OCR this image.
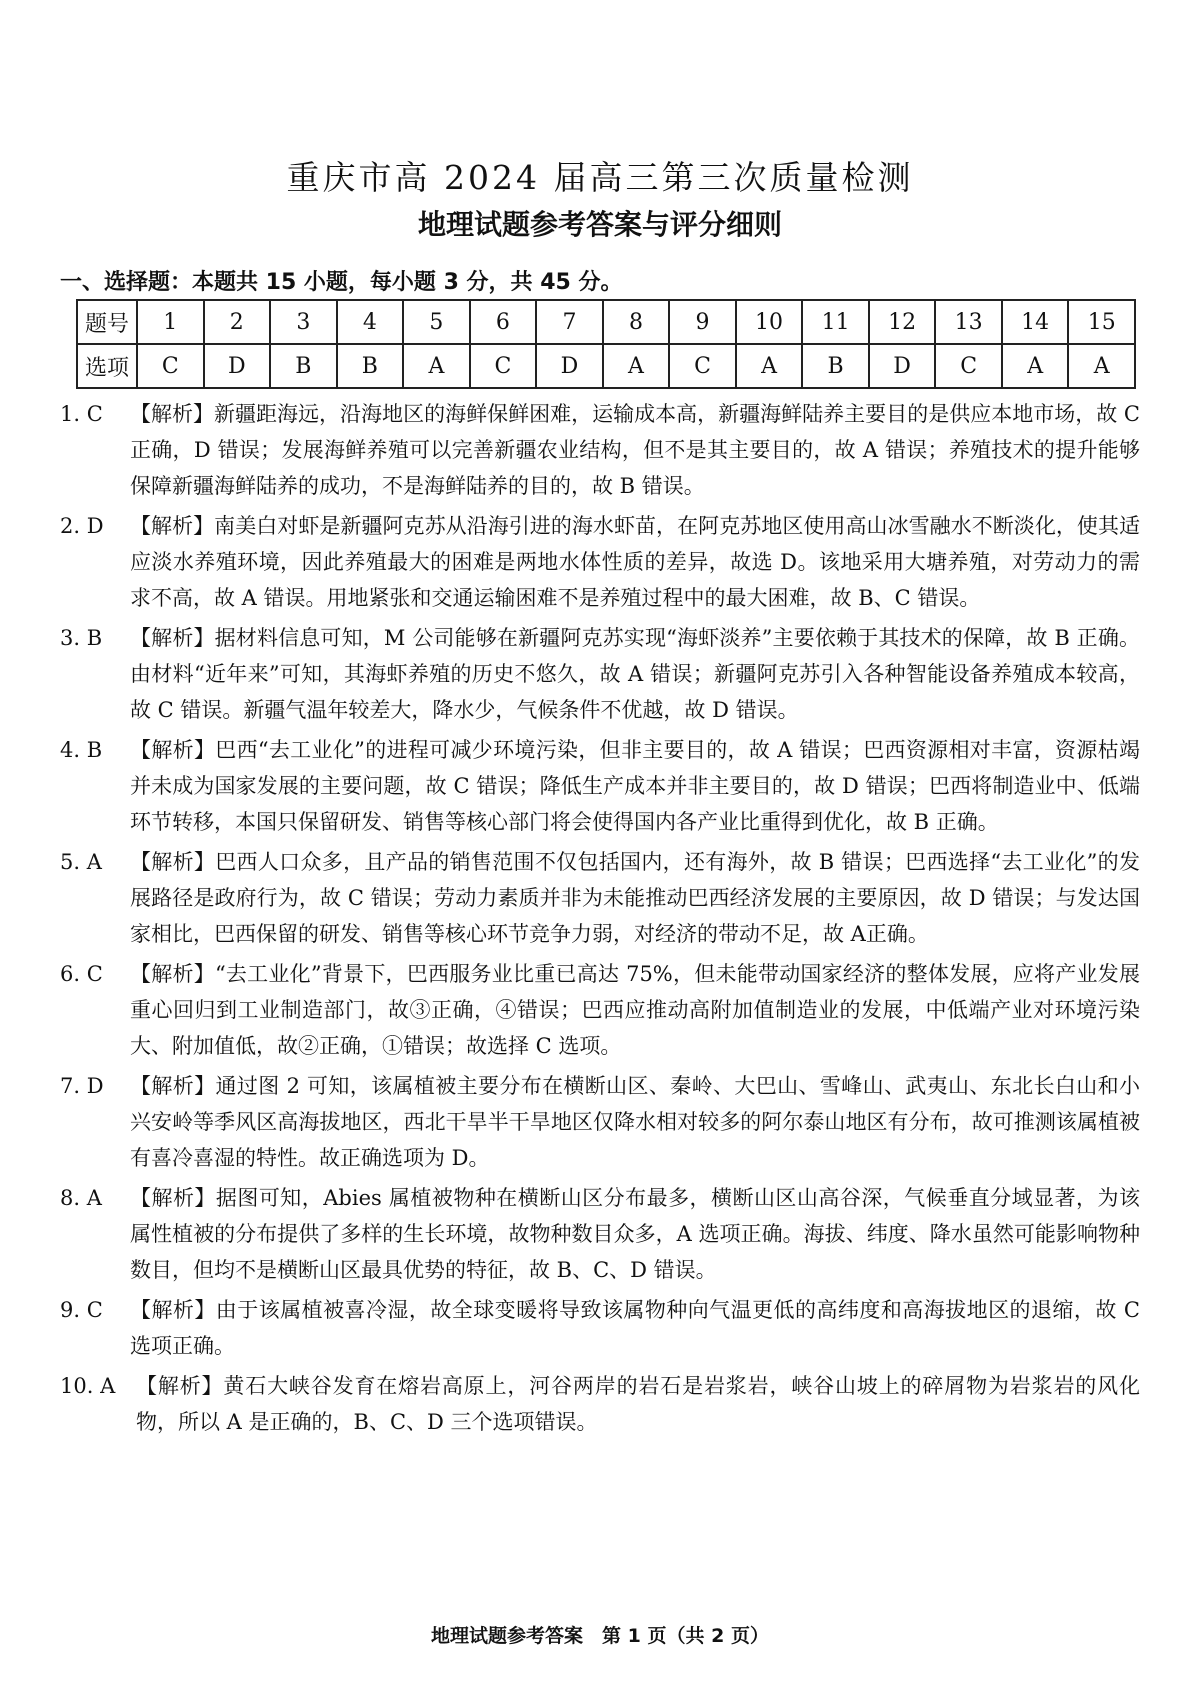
重庆市高 2024 届高三第三次质量检测
地理试题参考答案与评分细则
一、选择题：本题共 15 小题，每小题 3 分，共 45 分。
题号	1	2	3	4	5	6	7	8	9	10	11	12	13	14	15
选项	C	D	B	B	A	C	D	A	C	A	B	D	C	A	A
1. C	【解析】新疆距海远，沿海地区的海鲜保鲜困难，运输成本高，新疆海鲜陆养主要目的是供应本地市场，故 C 正确，D 错误；发展海鲜养殖可以完善新疆农业结构，但不是其主要目的，故 A 错误；养殖技术的提升能够保障新疆海鲜陆养的成功，不是海鲜陆养的目的，故 B 错误。
2. D	【解析】南美白对虾是新疆阿克苏从沿海引进的海水虾苗，在阿克苏地区使用高山冰雪融水不断淡化，使其适应淡水养殖环境，因此养殖最大的困难是两地水体性质的差异，故选 D。该地采用大塘养殖，对劳动力的需求不高，故 A 错误。用地紧张和交通运输困难不是养殖过程中的最大困难，故 B、C 错误。
3. B	【解析】据材料信息可知，M 公司能够在新疆阿克苏实现“海虾淡养”主要依赖于其技术的保障，故 B 正确。由材料“近年来”可知，其海虾养殖的历史不悠久，故 A 错误；新疆阿克苏引入各种智能设备养殖成本较高，故 C 错误。新疆气温年较差大，降水少，气候条件不优越，故 D 错误。
4. B	【解析】巴西“去工业化”的进程可减少环境污染，但非主要目的，故 A 错误；巴西资源相对丰富，资源枯竭并未成为国家发展的主要问题，故 C 错误；降低生产成本并非主要目的，故 D 错误；巴西将制造业中、低端环节转移，本国只保留研发、销售等核心部门将会使得国内各产业比重得到优化，故 B 正确。
5. A	【解析】巴西人口众多，且产品的销售范围不仅包括国内，还有海外，故 B 错误；巴西选择“去工业化”的发展路径是政府行为，故 C 错误；劳动力素质并非为未能推动巴西经济发展的主要原因，故 D 错误；与发达国家相比，巴西保留的研发、销售等核心环节竞争力弱，对经济的带动不足，故 A正确。
6. C	【解析】“去工业化”背景下，巴西服务业比重已高达 75%，但未能带动国家经济的整体发展，应将产业发展重心回归到工业制造部门，故③正确，④错误；巴西应推动高附加值制造业的发展，中低端产业对环境污染大、附加值低，故②正确，①错误；故选择 C 选项。
7. D	【解析】通过图 2 可知，该属植被主要分布在横断山区、秦岭、大巴山、雪峰山、武夷山、东北长白山和小兴安岭等季风区高海拔地区，西北干旱半干旱地区仅降水相对较多的阿尔泰山地区有分布，故可推测该属植被有喜冷喜湿的特性。故正确选项为 D。
8. A	【解析】据图可知，Abies 属植被物种在横断山区分布最多，横断山区山高谷深，气候垂直分域显著，为该属性植被的分布提供了多样的生长环境，故物种数目众多，A 选项正确。海拔、纬度、降水虽然可能影响物种数目，但均不是横断山区最具优势的特征，故 B、C、D 错误。
9. C	【解析】由于该属植被喜冷湿，故全球变暖将导致该属物种向气温更低的高纬度和高海拔地区的退缩，故 C 选项正确。
10. A 【解析】黄石大峡谷发育在熔岩高原上，河谷两岸的岩石是岩浆岩，峡谷山坡上的碎屑物为岩浆岩的风化物，所以 A 是正确的，B、C、D 三个选项错误。
地理试题参考答案　第 1 页（共 2 页）
